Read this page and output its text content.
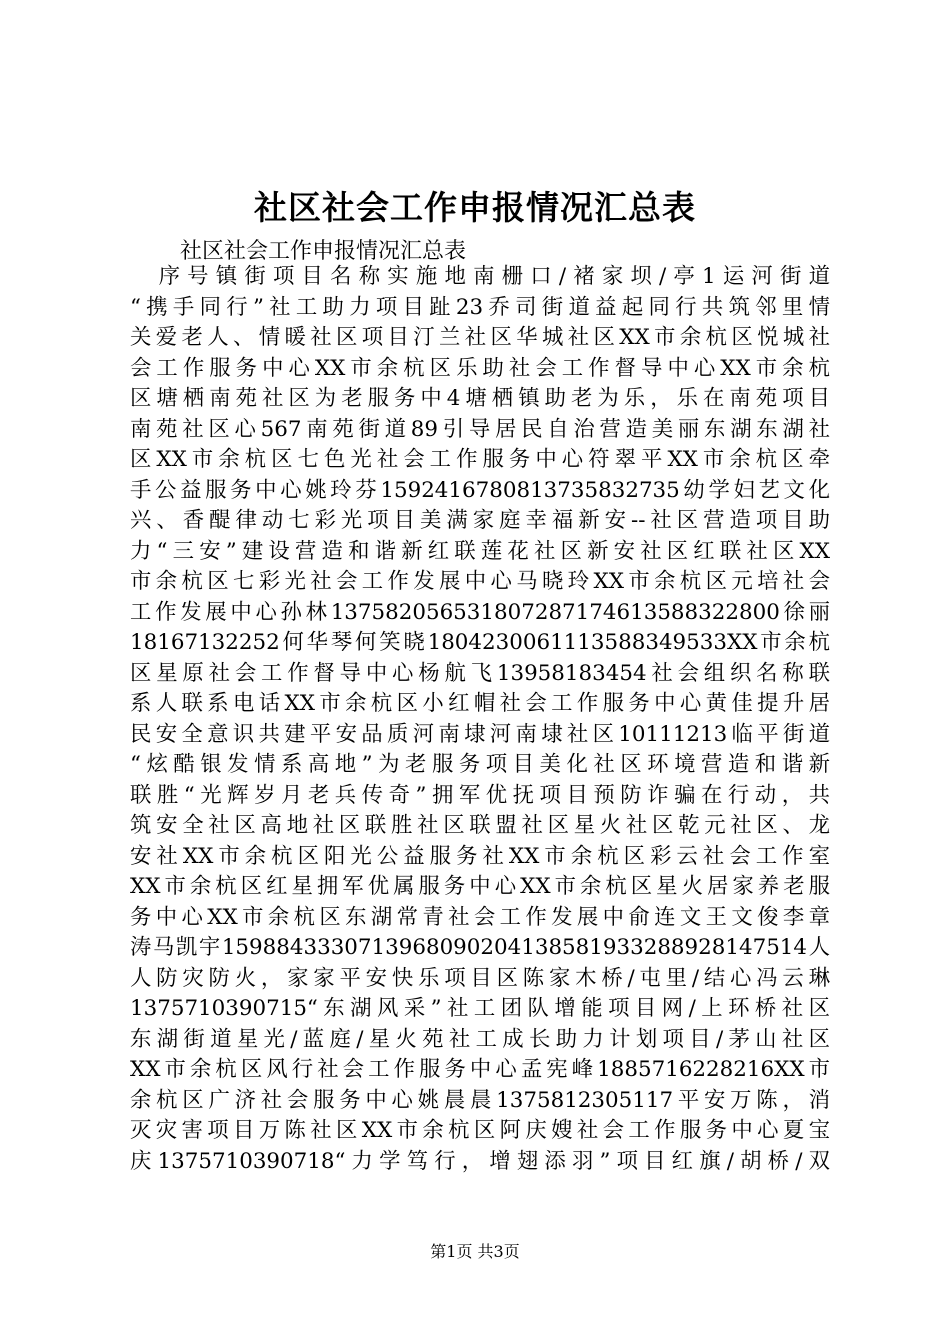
社区社会工作申报情况汇总表

社区社会工作申报情况汇总表

　序号镇街项目名称实施地南栅口/褚家坝/亭1运河街道
“携手同行”社工助力项目趾23乔司街道益起同行共筑邻里情
关爱老人、情暖社区项目汀兰社区华城社区XX市余杭区悦城社
会工作服务中心XX市余杭区乐助社会工作督导中心XX市余杭
区塘栖南苑社区为老服务中4塘栖镇助老为乐，乐在南苑项目
南苑社区心567南苑街道89引导居民自治营造美丽东湖东湖社
区XX市余杭区七色光社会工作服务中心符翠平XX市余杭区牵
手公益服务中心姚玲芬1592416780813735832735幼学妇艺文化
兴、香醍律动七彩光项目美满家庭幸福新安--社区营造项目助
力“三安”建设营造和谐新红联莲花社区新安社区红联社区XX
市余杭区七彩光社会工作发展中心马晓玲XX市余杭区元培社会
工作发展中心孙林137582056531807287174613588322800徐丽
18167132252何华琴何笑晓1804230061113588349533XX市余杭
区星原社会工作督导中心杨航飞13958183454社会组织名称联
系人联系电话XX市余杭区小红帽社会工作服务中心黄佳提升居
民安全意识共建平安品质河南埭河南埭社区10111213临平街道
“炫酷银发情系高地”为老服务项目美化社区环境营造和谐新
联胜“光辉岁月老兵传奇”拥军优抚项目预防诈骗在行动，共
筑安全社区高地社区联胜社区联盟社区星火社区乾元社区、龙
安社XX市余杭区阳光公益服务社XX市余杭区彩云社会工作室
XX市余杭区红星拥军优属服务中心XX市余杭区星火居家养老服
务中心XX市余杭区东湖常青社会工作发展中俞连文王文俊李章
涛马凯宇1598843330713968090204138581933288928147514人
人防灾防火，家家平安快乐项目区陈家木桥/屯里/结心冯云琳
1375710390715“东湖风采”社工团队增能项目网/上环桥社区
东湖街道星光/蓝庭/星火苑社工成长助力计划项目/茅山社区
XX市余杭区风行社会工作服务中心孟宪峰1885716228216XX市
余杭区广济社会服务中心姚晨晨1375812305117平安万陈，消
灭灾害项目万陈社区XX市余杭区阿庆嫂社会工作服务中心夏宝
庆1375710390718“力学笃行，增翅添羽”项目红旗/胡桥/双

第1页 共3页
